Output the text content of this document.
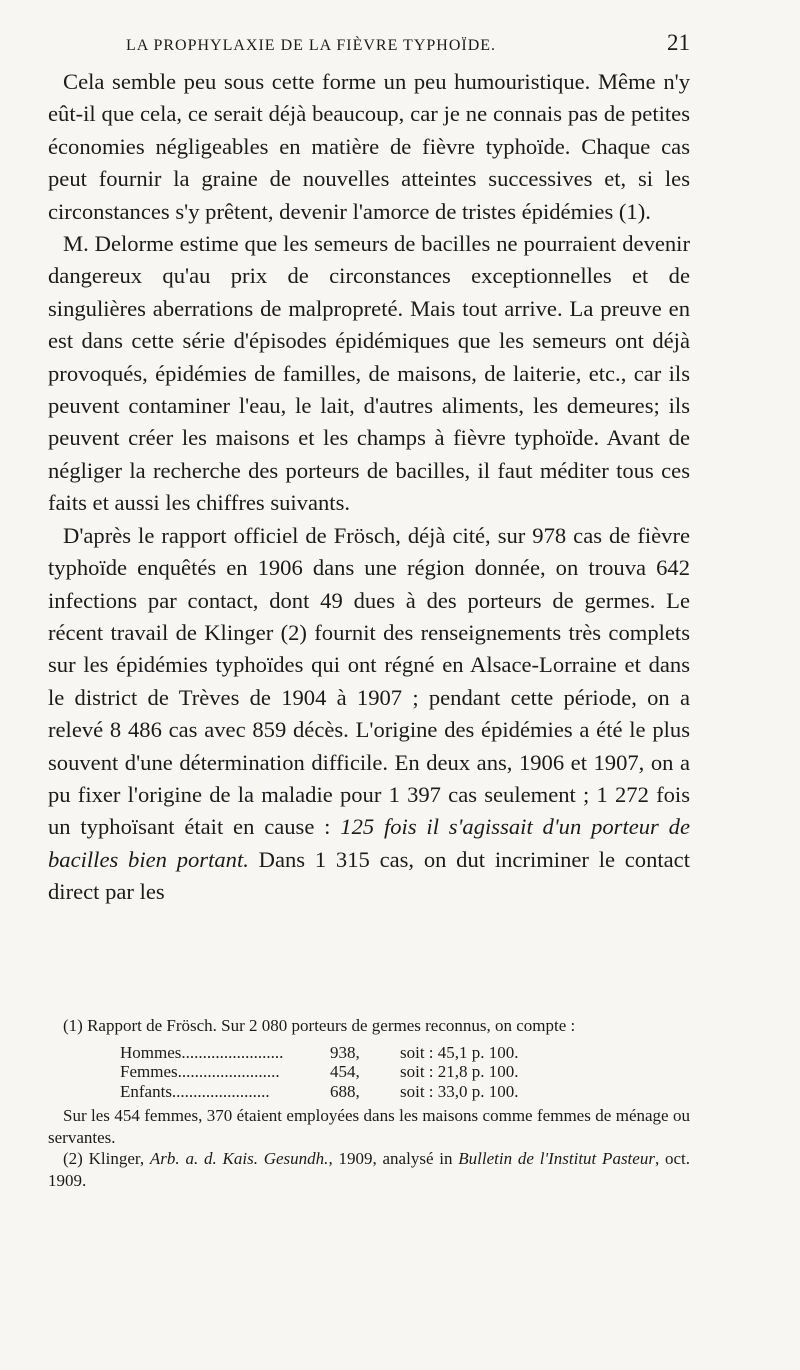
LA PROPHYLAXIE DE LA FIÈVRE TYPHOÏDE.	21

Cela semble peu sous cette forme un peu humouristique. Même n'y eût-il que cela, ce serait déjà beaucoup, car je ne connais pas de petites économies négligeables en matière de fièvre typhoïde. Chaque cas peut fournir la graine de nouvelles atteintes successives et, si les circonstances s'y prêtent, devenir l'amorce de tristes épidémies (1).

M. Delorme estime que les semeurs de bacilles ne pourraient devenir dangereux qu'au prix de circonstances exceptionnelles et de singulières aberrations de malpropreté. Mais tout arrive. La preuve en est dans cette série d'épisodes épidémiques que les semeurs ont déjà provoqués, épidémies de familles, de maisons, de laiterie, etc., car ils peuvent contaminer l'eau, le lait, d'autres aliments, les demeures; ils peuvent créer les maisons et les champs à fièvre typhoïde. Avant de négliger la recherche des porteurs de bacilles, il faut méditer tous ces faits et aussi les chiffres suivants.

D'après le rapport officiel de Frösch, déjà cité, sur 978 cas de fièvre typhoïde enquêtés en 1906 dans une région donnée, on trouva 642 infections par contact, dont 49 dues à des porteurs de germes. Le récent travail de Klinger (2) fournit des renseignements très complets sur les épidémies typhoïdes qui ont régné en Alsace-Lorraine et dans le district de Trèves de 1904 à 1907 ; pendant cette période, on a relevé 8 486 cas avec 859 décès. L'origine des épidémies a été le plus souvent d'une détermination difficile. En deux ans, 1906 et 1907, on a pu fixer l'origine de la maladie pour 1 397 cas seulement ; 1 272 fois un typhoïsant était en cause : 125 fois il s'agissait d'un porteur de bacilles bien portant. Dans 1 315 cas, on dut incriminer le contact direct par les

(1) Rapport de Frösch. Sur 2 080 porteurs de germes reconnus, on compte :

Hommes........................	938,	soit : 45,1 p. 100.
Femmes........................	454,	soit : 21,8 p. 100.
Enfants.......................	688,	soit : 33,0 p. 100.

Sur les 454 femmes, 370 étaient employées dans les maisons comme femmes de ménage ou servantes.

(2) Klinger, Arb. a. d. Kais. Gesundh., 1909, analysé in Bulletin de l'Institut Pasteur, oct. 1909.
